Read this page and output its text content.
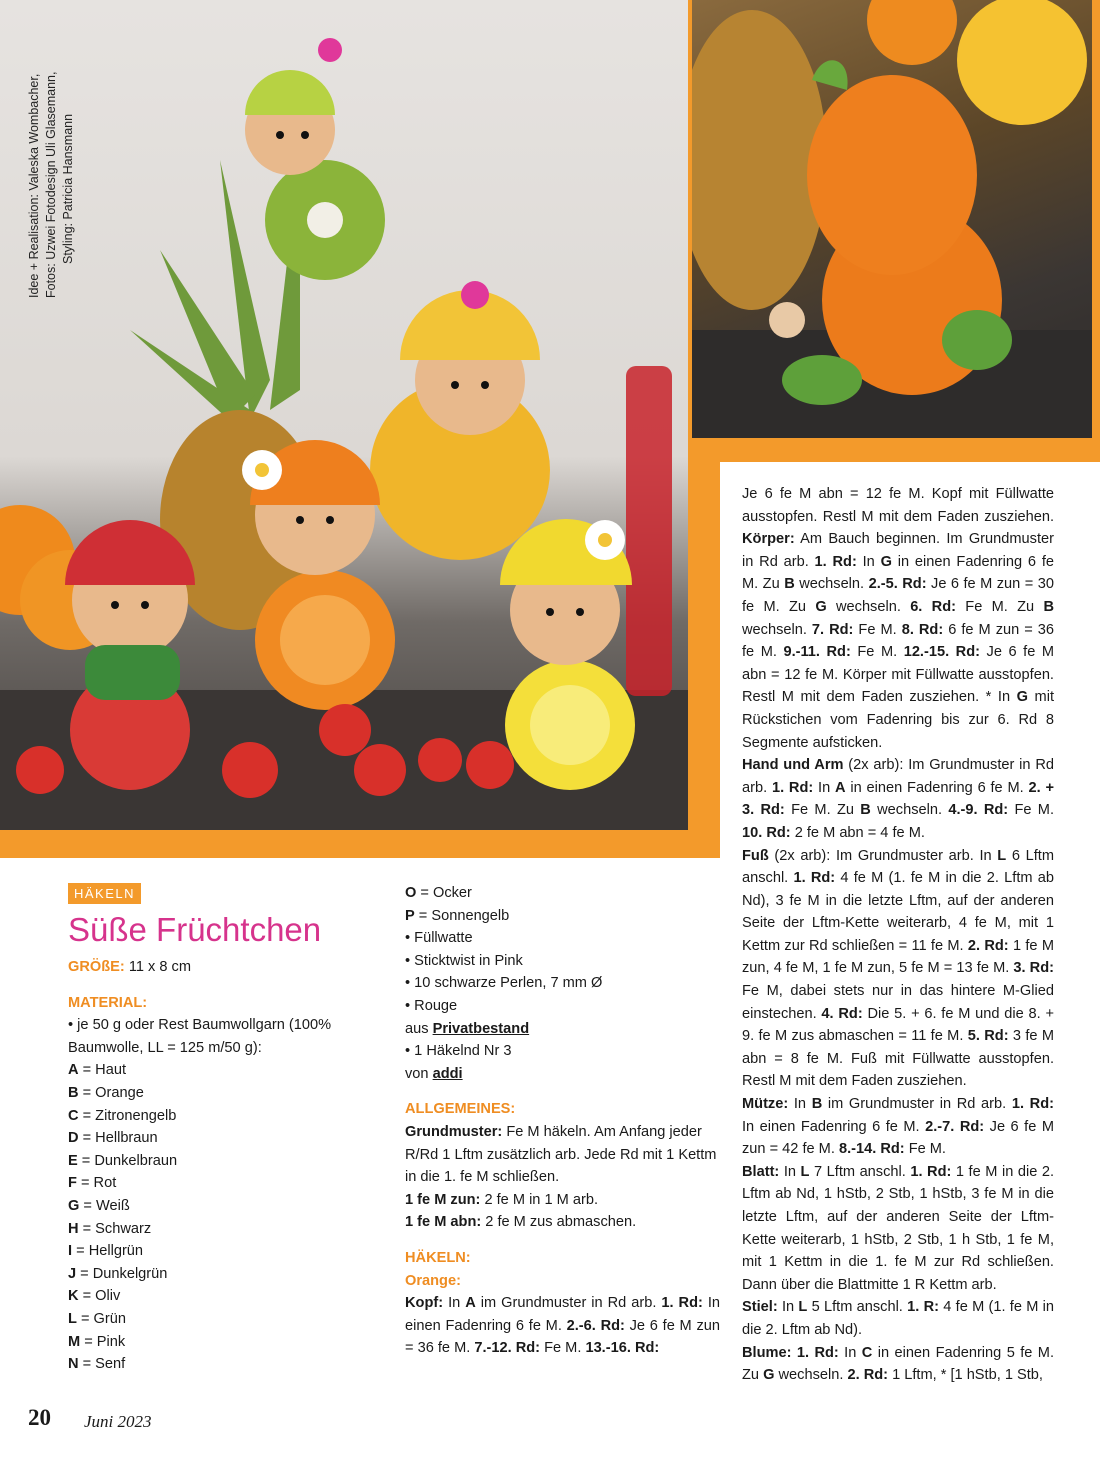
Idee + Realisation: Valeska Wombacher, Fotos: Uzwei Fotodesign Uli Glasemann, Styling: Patricia Hansmann
HÄKELN
Süße Früchtchen

GRÖßE: 11 x 8 cm

MATERIAL:

• je 50 g oder Rest Baumwollgarn (100% Baumwolle, LL = 125 m/50 g):

A = Haut

B = Orange

C = Zitronengelb

D = Hellbraun

E = Dunkelbraun

F = Rot

G = Weiß

H = Schwarz

I = Hellgrün

J = Dunkelgrün

K = Oliv

L = Grün

M = Pink

N = Senf

O = Ocker

P = Sonnengelb

• Füllwatte

• Sticktwist in Pink

• 10 schwarze Perlen, 7 mm Ø

• Rouge

aus Privatbestand

• 1 Häkelnd Nr 3

von addi

ALLGEMEINES:

Grundmuster: Fe M häkeln. Am Anfang jeder R/Rd 1 Lftm zusätzlich arb. Jede Rd mit 1 Kettm in die 1. fe M schließen.

1 fe M zun: 2 fe M in 1 M arb.

1 fe M abn: 2 fe M zus abmaschen.

HÄKELN:

Orange:

Kopf: In A im Grundmuster in Rd arb. 1. Rd: In einen Fadenring 6 fe M. 2.-6. Rd: Je 6 fe M zun = 36 fe M. 7.-12. Rd: Fe M. 13.-16. Rd:

Je 6 fe M abn = 12 fe M. Kopf mit Füllwatte ausstopfen. Restl M mit dem Faden zusziehen. Körper: Am Bauch beginnen. Im Grundmuster in Rd arb. 1. Rd: In G in einen Fadenring 6 fe M. Zu B wechseln. 2.-5. Rd: Je 6 fe M zun = 30 fe M. Zu G wechseln. 6. Rd: Fe M. Zu B wechseln. 7. Rd: Fe M. 8. Rd: 6 fe M zun = 36 fe M. 9.-11. Rd: Fe M. 12.-15. Rd: Je 6 fe M abn = 12 fe M. Körper mit Füllwatte ausstopfen. Restl M mit dem Faden zusziehen. * In G mit Rückstichen vom Fadenring bis zur 6. Rd 8 Segmente aufsticken.
Hand und Arm (2x arb): Im Grundmuster in Rd arb. 1. Rd: In A in einen Fadenring 6 fe M. 2. + 3. Rd: Fe M. Zu B wechseln. 4.-9. Rd: Fe M. 10. Rd: 2 fe M abn = 4 fe M.
Fuß (2x arb): Im Grundmuster arb. In L 6 Lftm anschl. 1. Rd: 4 fe M (1. fe M in die 2. Lftm ab Nd), 3 fe M in die letzte Lftm, auf der anderen Seite der Lftm-Kette weiterarb, 4 fe M, mit 1 Kettm zur Rd schließen = 11 fe M. 2. Rd: 1 fe M zun, 4 fe M, 1 fe M zun, 5 fe M = 13 fe M. 3. Rd: Fe M, dabei stets nur in das hintere M-Glied einstechen. 4. Rd: Die 5. + 6. fe M und die 8. + 9. fe M zus abmaschen = 11 fe M. 5. Rd: 3 fe M abn = 8 fe M. Fuß mit Füllwatte ausstopfen. Restl M mit dem Faden zusziehen.
Mütze: In B im Grundmuster in Rd arb. 1. Rd: In einen Fadenring 6 fe M. 2.-7. Rd: Je 6 fe M zun = 42 fe M. 8.-14. Rd: Fe M.
Blatt: In L 7 Lftm anschl. 1. Rd: 1 fe M in die 2. Lftm ab Nd, 1 hStb, 2 Stb, 1 hStb, 3 fe M in die letzte Lftm, auf der anderen Seite der Lftm-Kette weiterarb, 1 hStb, 2 Stb, 1 h Stb, 1 fe M, mit 1 Kettm in die 1. fe M zur Rd schließen. Dann über die Blattmitte 1 R Kettm arb.
Stiel: In L 5 Lftm anschl. 1. R: 4 fe M (1. fe M in die 2. Lftm ab Nd).
Blume: 1. Rd: In C in einen Fadenring 5 fe M. Zu G wechseln. 2. Rd: 1 Lftm, * [1 hStb, 1 Stb,

20 Juni 2023
